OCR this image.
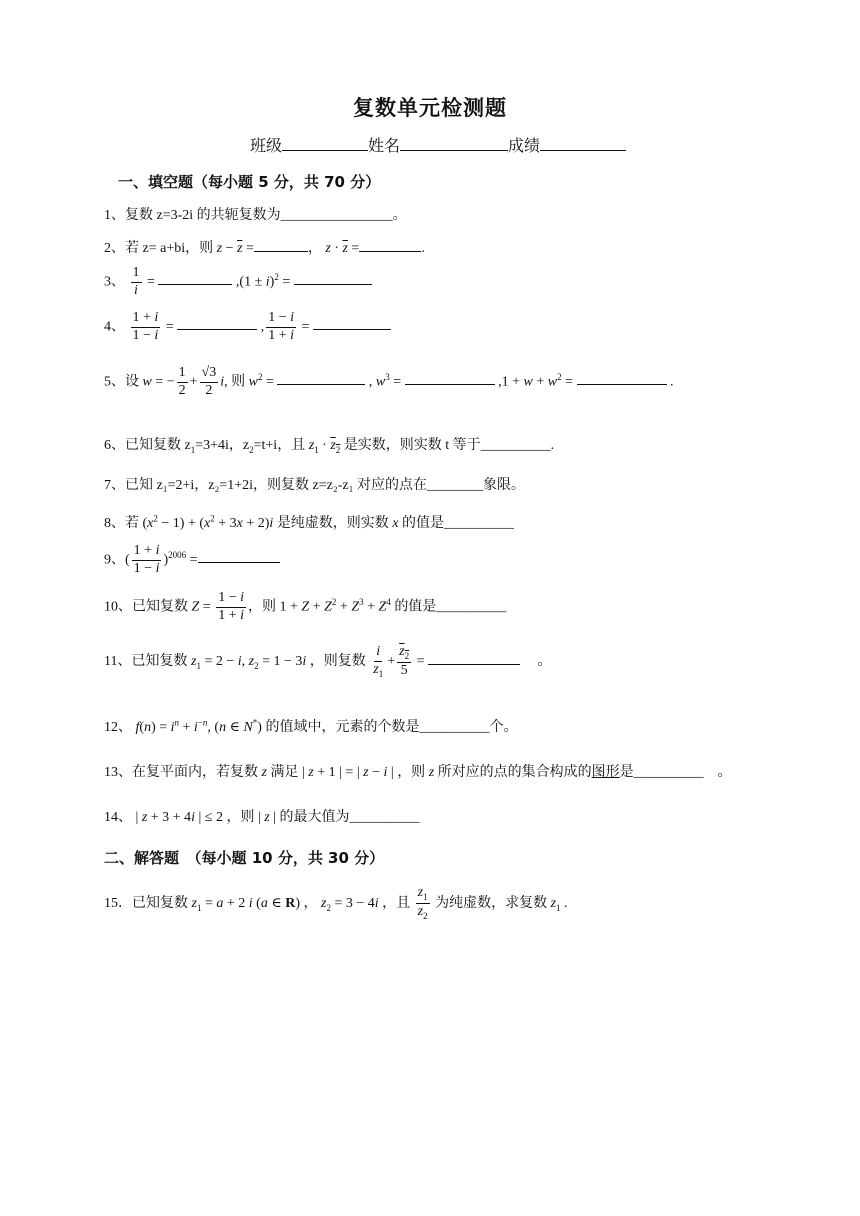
复数单元检测题
班级	姓名	成绩
一、填空题（每小题 5 分，共 70 分）
1、复数 z=3-2i 的共轭复数为________________。
2、若 z= a+bi，则 $z - \overline{z}$ =	， $z \cdot \overline{z}$ =	.
3、 $\frac{1}{i}$ =	$,(1 \pm i)^2$ =
4、 $\frac{1 + i}{1 - i}$ =	, $\frac{1 - i}{1 + i}$ =
5、设 w = − $\frac{1}{2} + \frac{√3}{2} i$, 则 $w^2$ =	, $w^3$ =	$,1 + w + w^2$ =	.
6、已知复数 $z_1=3+4i$，$z_2=t+i$，且 $z_1 \cdot z_2$ 是实数，则实数 t 等于__________.
7、已知 z₁=2+i，z₂=1+2i，则复数 z=z₂-z₁ 对应的点在________象限。
8、若 $(x^2 - 1) + (x^2 + 3x + 2)i$ 是纯虚数，则实数 x 的值是__________
9、( $\frac{1 + i}{1 - i} )^{2006}$ =
10、已知复数 $Z = \frac{1 - i}{1 + i}$ ，则 $1 + Z + Z^2 + Z^3 + Z^4$ 的值是__________
11、已知复数 $z_1 = 2 - i$, $z_2 = 1 - 3i$ ，则复数 $\frac{i}{z_1} + \frac{z_2}{5}$ =	　 。
12、 $f(n) = i^n + i^{-n}$, (n ∈ N*) 的值域中，元素的个数是__________个。
13、在复平面内，若复数 z 满足 | z + 1 | = | z − i | ，则 z 所对应的点的集合构成的图形是__________　。
14、 | z + 3 + 4i | ≤ 2 ，则 | z | 的最大值为__________
二、解答题　（每小题 10 分，共 30 分）
15．已知复数 $z_1 = a + 2$ i (a ∈ R) ， $z_2 = 3 - 4i$ ，且 $\frac{z_1}{z_2}$ 为纯虚数，求复数 $z_1$ .
